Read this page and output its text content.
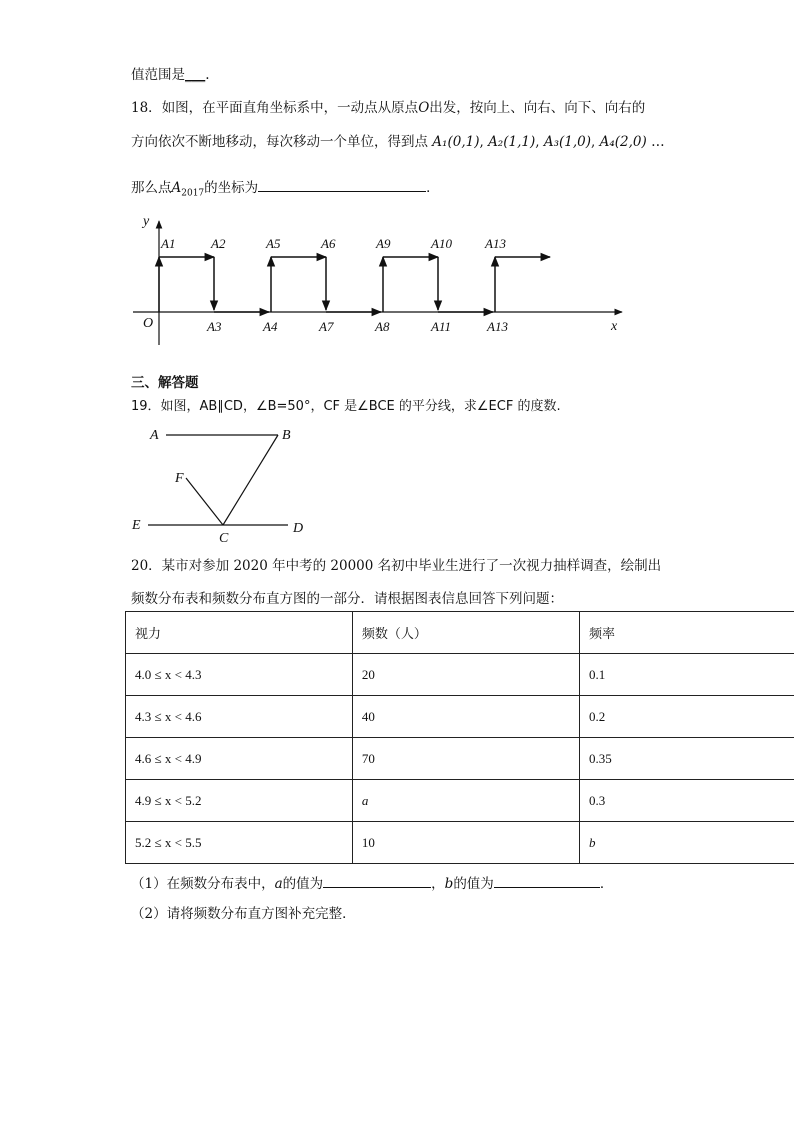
值范围是___.
18．如图，在平面直角坐标系中，一动点从原点O出发，按向上、向右、向下、向右的
方向依次不断地移动，每次移动一个单位，得到点 A₁(0,1), A₂(1,1), A₃(1,0), A₄(2,0) …
那么点$A_{2017}$的坐标为	．
y
x
O
A1	A2	A5	A6	A9	A10	A13
A3	A4	A7	A8	A11	A13
三、解答题
19．如图，AB∥CD，∠B=50°，CF 是∠BCE 的平分线，求∠ECF 的度数.
A	B
F
E
C
D
20．某市对参加 2020 年中考的 20000 名初中毕业生进行了一次视力抽样调查，绘制出
频数分布表和频数分布直方图的一部分．请根据图表信息回答下列问题：
视力	频数（人）	频率
4.0 ≤ x < 4.3	20	0.1
4.3 ≤ x < 4.6	40	0.2
4.6 ≤ x < 4.9	70	0.35
4.9 ≤ x < 5.2	a	0.3
5.2 ≤ x < 5.5	10	b
（1）在频数分布表中，a的值为	，b的值为	．
（2）请将频数分布直方图补充完整．
